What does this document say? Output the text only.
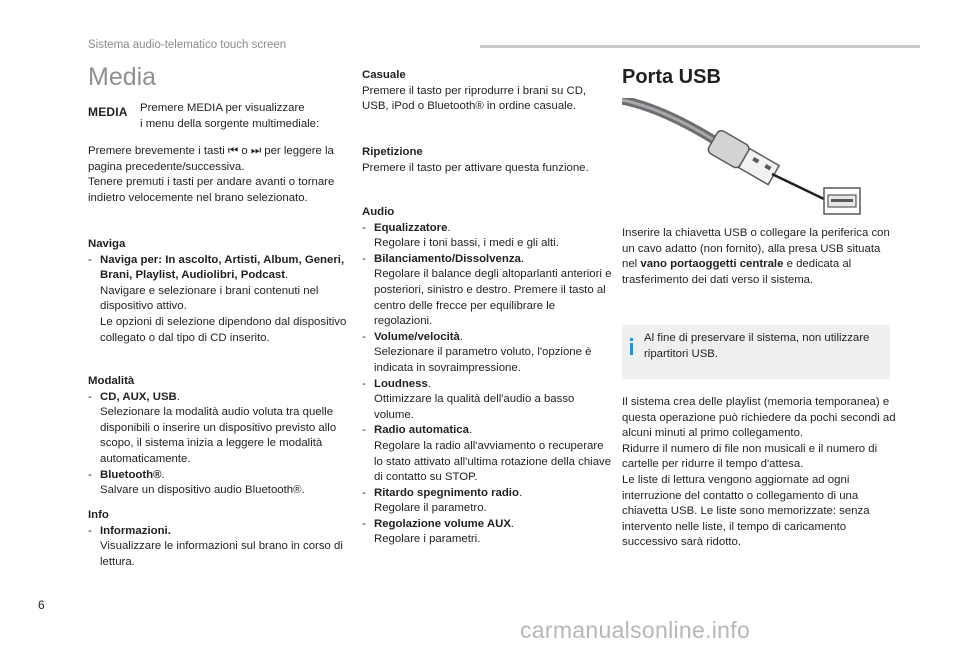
Sistema audio-telematico touch screen
Media
MEDIA Premere MEDIA per visualizzare

i menu della sorgente multimediale:

Premere brevemente i tasti ⏮ o ⏭ per leggere la pagina precedente/successiva.

Tenere premuti i tasti per andare avanti o tornare indietro velocemente nel brano selezionato.

Naviga

- Naviga per: In ascolto, Artisti, Album, Generi, Brani, Playlist, Audiolibri, Podcast.

Navigare e selezionare i brani contenuti nel dispositivo attivo.

Le opzioni di selezione dipendono dal dispositivo collegato o dal tipo di CD inserito.

Modalità

- CD, AUX, USB.

Selezionare la modalità audio voluta tra quelle disponibili o inserire un dispositivo previsto allo scopo, il sistema inizia a leggere le modalità automaticamente.

- Bluetooth®.

Salvare un dispositivo audio Bluetooth®.

Info

- Informazioni.

Visualizzare le informazioni sul brano in corso di lettura.

Casuale

Premere il tasto per riprodurre i brani su CD, USB, iPod o Bluetooth® in ordine casuale.

Ripetizione

Premere il tasto per attivare questa funzione.

Audio

- Equalizzatore.

Regolare i toni bassi, i medi e gli alti.

- Bilanciamento/Dissolvenza.

Regolare il balance degli altoparlanti anteriori e posteriori, sinistro e destro. Premere il tasto al centro delle frecce per equilibrare le regolazioni.

- Volume/velocità.

Selezionare il parametro voluto, l'opzione è indicata in sovraimpressione.

- Loudness.

Ottimizzare la qualità dell'audio a basso volume.

- Radio automatica.

Regolare la radio all'avviamento o recuperare lo stato attivato all'ultima rotazione della chiave di contatto su STOP.

- Ritardo spegnimento radio.

Regolare il parametro.

- Regolazione volume AUX.

Regolare i parametri.

Porta USB

Inserire la chiavetta USB o collegare la periferica con un cavo adatto (non fornito), alla presa USB situata nel vano portaoggetti centrale e dedicata al trasferimento dei dati verso il sistema.

Al fine di preservare il sistema, non utilizzare ripartitori USB.

Il sistema crea delle playlist (memoria temporanea) e questa operazione può richiedere da pochi secondi ad alcuni minuti al primo collegamento.

Ridurre il numero di file non musicali e il numero di cartelle per ridurre il tempo d'attesa.

Le liste di lettura vengono aggiornate ad ogni interruzione del contatto o collegamento di una chiavetta USB. Le liste sono memorizzate: senza intervento nelle liste, il tempo di caricamento successivo sarà ridotto.

6
carmanualsonline.info
